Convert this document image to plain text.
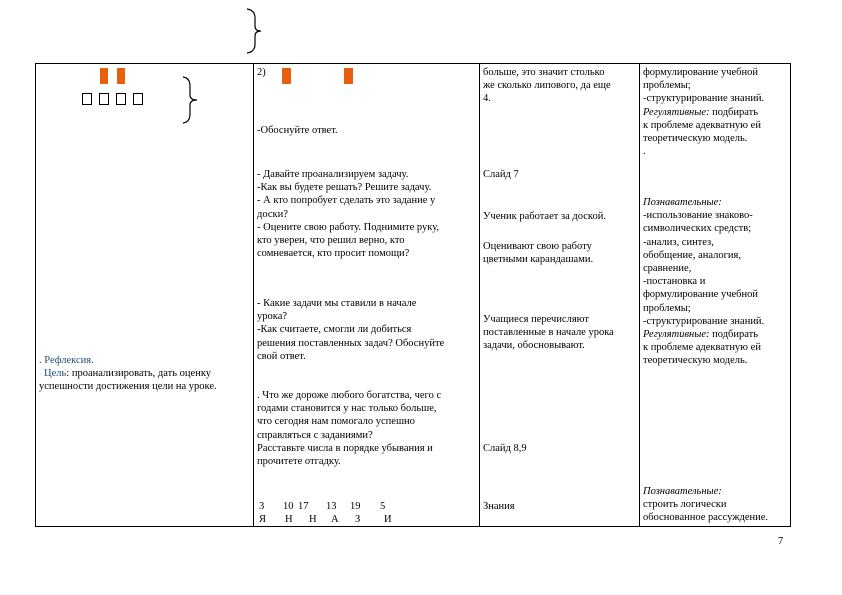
. Рефлексия.
Цель: проанализировать, дать оценку
успешности достижения цели на уроке.
2)
-Обоснуйте ответ.
- Давайте проанализируем задачу.
-Как вы будете решать? Решите задачу.
- А кто попробует сделать это задание у
доски?
- Оцените свою работу. Поднимите руку,
кто уверен, что решил верно, кто
сомневается, кто просит помощи?
- Какие задачи мы ставили в начале
урока?
-Как считаете, смогли ли добиться
решения поставленных задач? Обоснуйте
свой ответ.
. Что же дороже любого богатства, чего с
годами становится у нас только больше,
что сегодня нам помогало успешно
справляться с заданиями?
Расставьте числа в порядке убывания и
прочитете отгадку.
3 10 17 13 19 5
Я Н Н А З И
больше, это значит столько
же сколько липового, да еще
4.
Слайд 7
Ученик работает за доской.
Оценивают свою работу
цветными карандашами.
Учащиеся перечисляют
поставленные в начале урока
задачи, обосновывают.
Слайд 8,9
Знания
формулирование учебной
проблемы;
-структурирование знаний.
Регулятивные: подбирать
к проблеме адекватную ей
теоретическую модель.
.
Познавательные:
-использование знаково-
символических средств;
-анализ, синтез,
обобщение, аналогия,
сравнение,
-постановка и
формулирование учебной
проблемы;
-структурирование знаний.
Регулятивные: подбирать
к проблеме адекватную ей
теоретическую модель.
Познавательные:
строить логически
обоснованное рассуждение.
7
